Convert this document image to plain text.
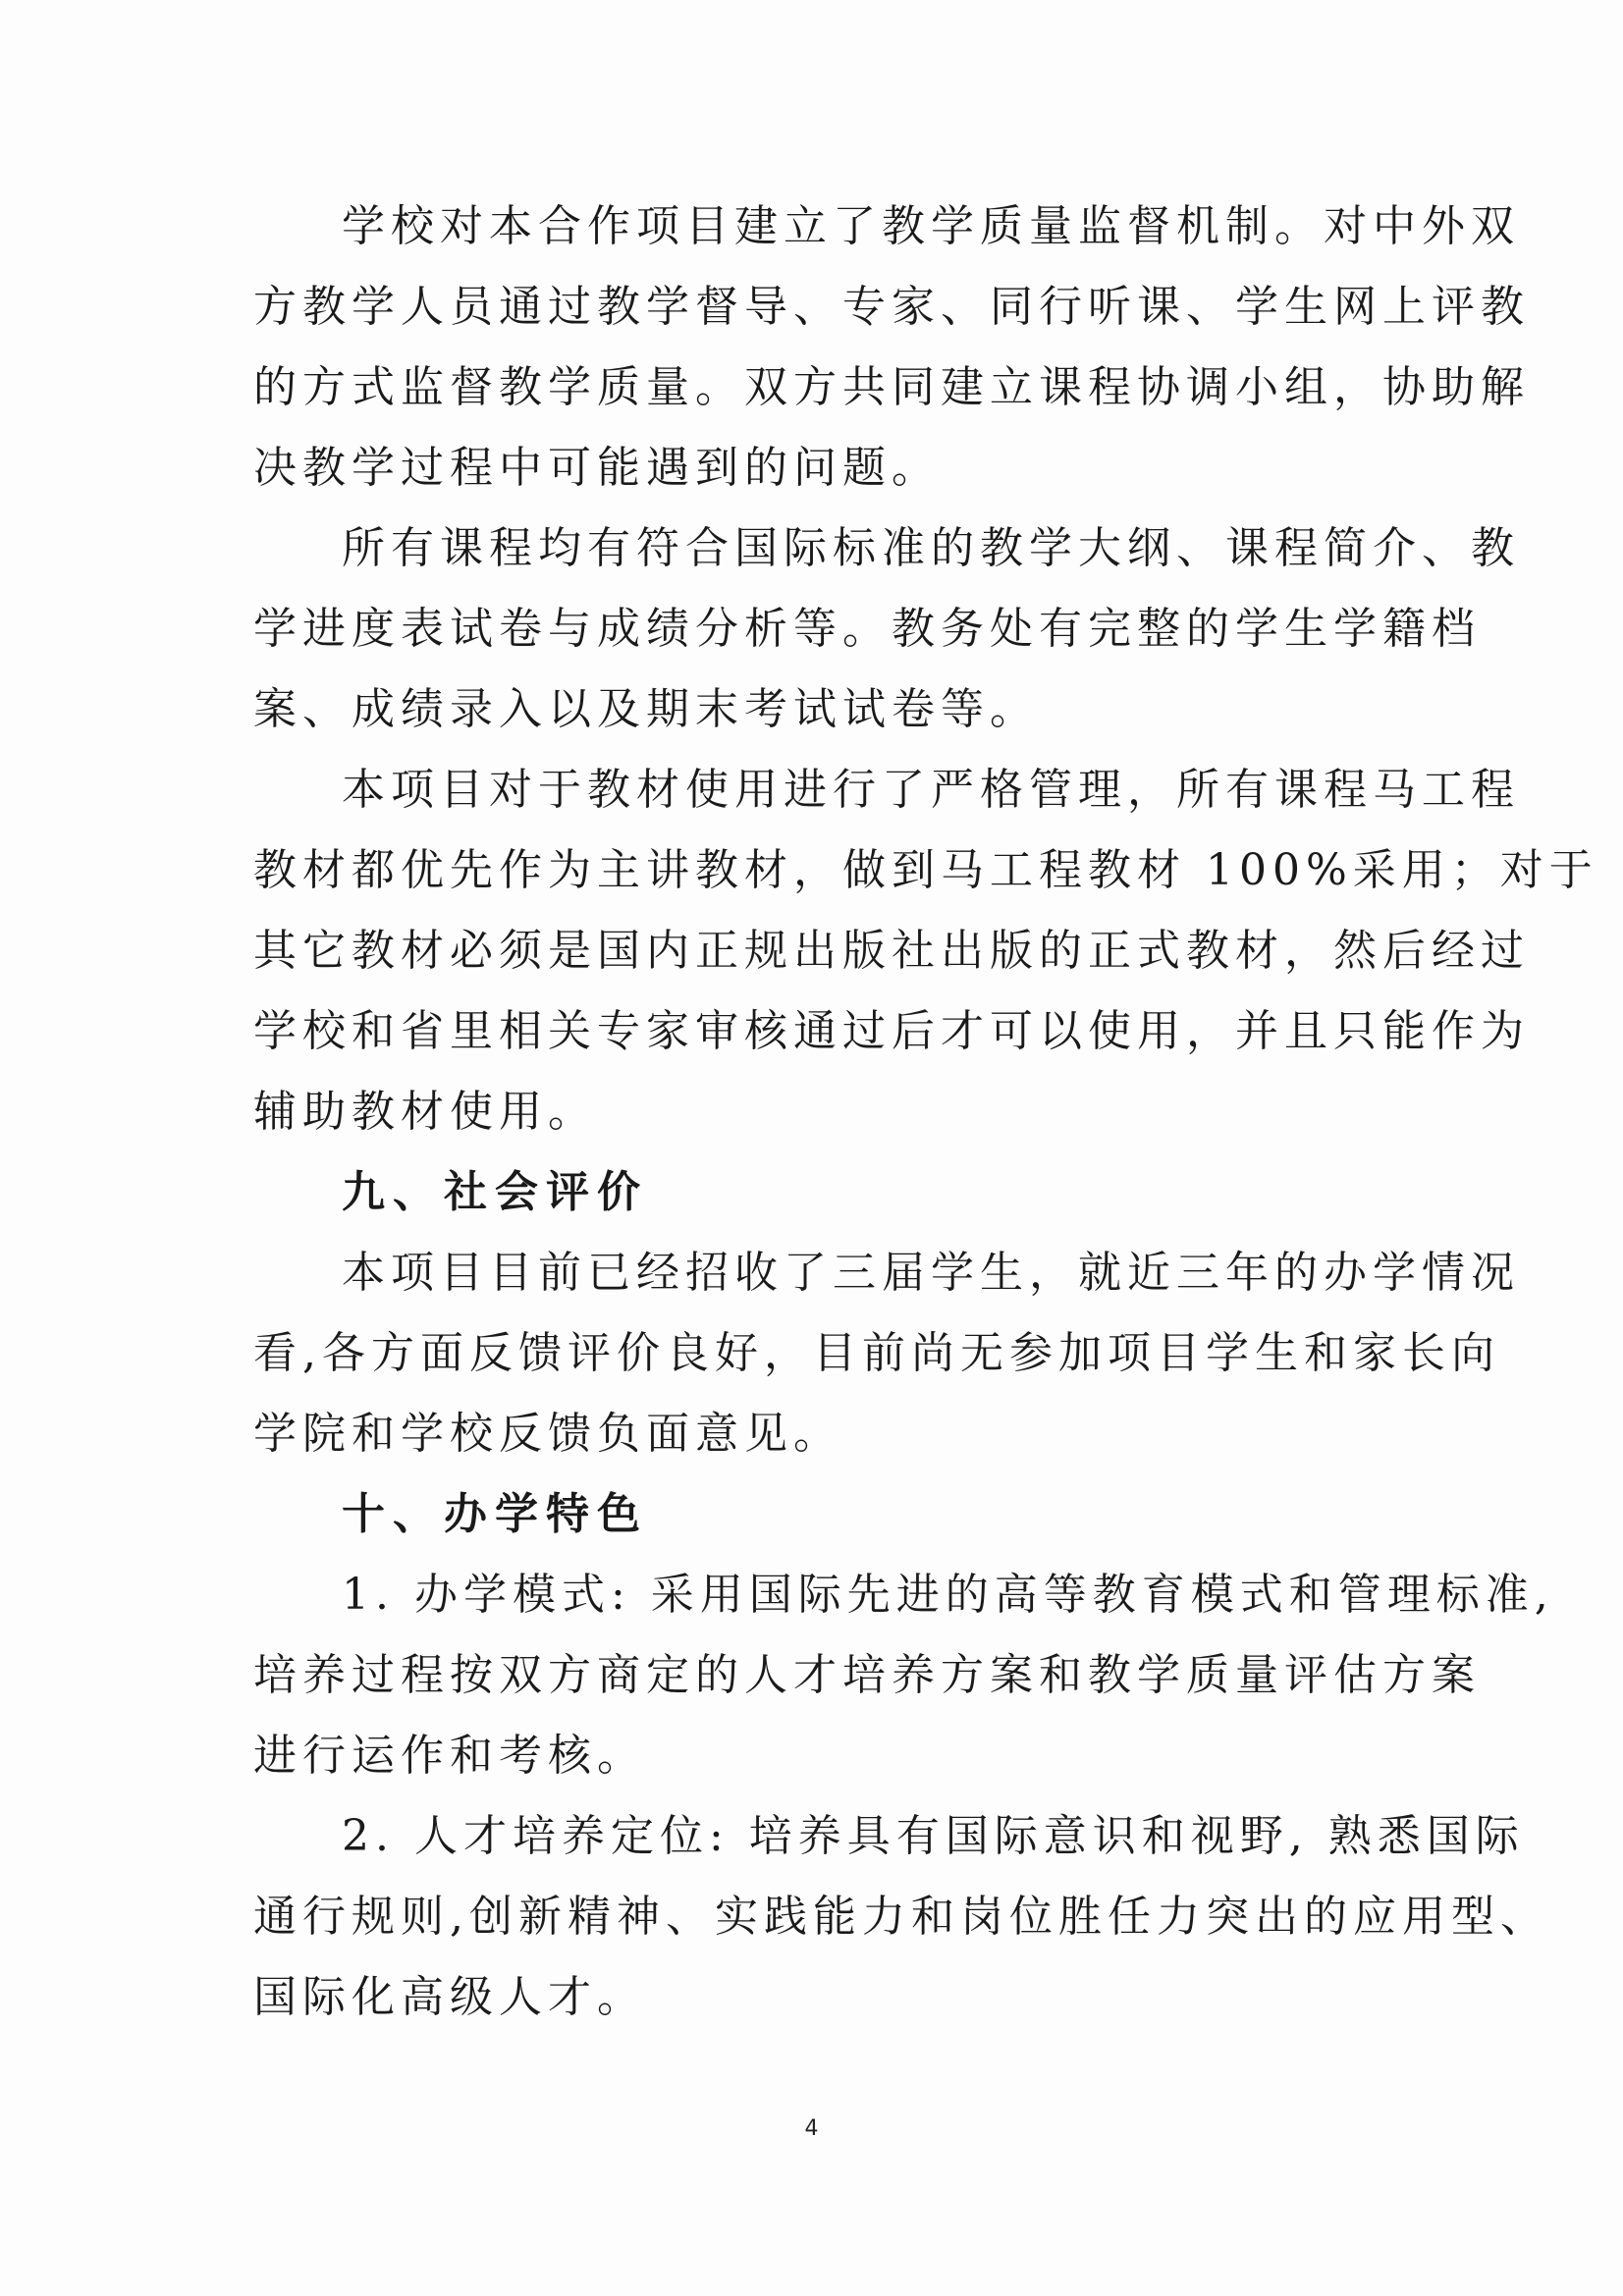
学校对本合作项目建立了教学质量监督机制。对中外双
方教学人员通过教学督导、专家、同行听课、学生网上评教
的方式监督教学质量。双方共同建立课程协调小组，协助解
决教学过程中可能遇到的问题。
所有课程均有符合国际标准的教学大纲、课程简介、教
学进度表试卷与成绩分析等。教务处有完整的学生学籍档
案、成绩录入以及期末考试试卷等。
本项目对于教材使用进行了严格管理，所有课程马工程
教材都优先作为主讲教材，做到马工程教材 100%采用；对于
其它教材必须是国内正规出版社出版的正式教材，然后经过
学校和省里相关专家审核通过后才可以使用，并且只能作为
辅助教材使用。
九、社会评价
本项目目前已经招收了三届学生，就近三年的办学情况
看,各方面反馈评价良好，目前尚无参加项目学生和家长向
学院和学校反馈负面意见。
十、办学特色
1. 办学模式: 采用国际先进的高等教育模式和管理标准,
培养过程按双方商定的人才培养方案和教学质量评估方案
进行运作和考核。
2. 人才培养定位: 培养具有国际意识和视野, 熟悉国际
通行规则,创新精神、实践能力和岗位胜任力突出的应用型、
国际化高级人才。
4
